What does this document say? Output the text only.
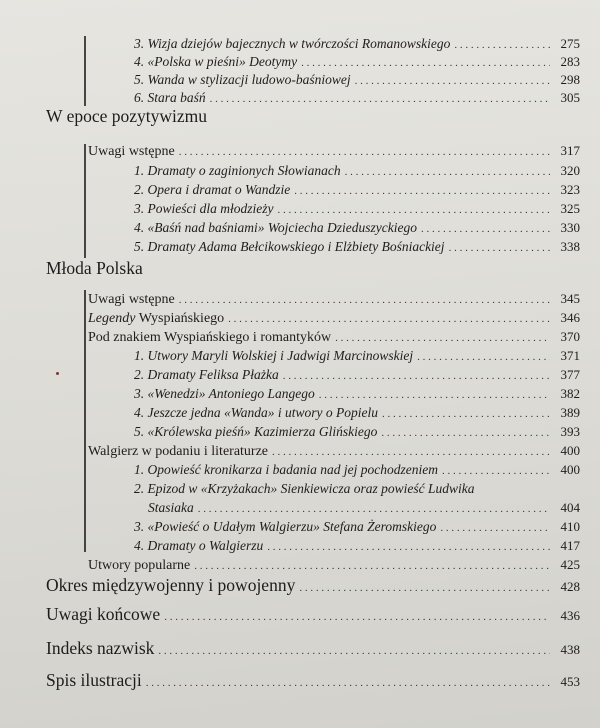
3. Wizja dziejów bajecznych w twórczości Romanowskiego . . .	275
4. «Polska w pieśni» Deotymy . . .	283
5. Wanda w stylizacji ludowo-baśniowej . . .	298
6. Stara baśń . . .	305
W epoce pozytywizmu
Uwagi wstępne . . .	317
1. Dramaty o zaginionych Słowianach . . .	320
2. Opera i dramat o Wandzie . . .	323
3. Powieści dla młodzieży . . .	325
4. «Baśń nad baśniami» Wojciecha Dzieduszyckiego . . .	330
5. Dramaty Adama Bełcikowskiego i Elżbiety Bośniackiej . . .	338
Młoda Polska
Uwagi wstępne . . .	345
Legendy Wyspiańskiego . . .	346
Pod znakiem Wyspiańskiego i romantyków . . .	370
1. Utwory Maryli Wolskiej i Jadwigi Marcinowskiej . . .	371
2. Dramaty Feliksa Płażka . . .	377
3. «Wenedzi» Antoniego Langego . . .	382
4. Jeszcze jedna «Wanda» i utwory o Popielu . . .	389
5. «Królewska pieśń» Kazimierza Glińskiego . . .	393
Walgierz w podaniu i literaturze . . .	400
1. Opowieść kronikarza i badania nad jej pochodzeniem . . .	400
2. Epizod w «Krzyżakach» Sienkiewicza oraz powieść Ludwika
Stasiaka . . .	404
3. «Powieść o Udałym Walgierzu» Stefana Żeromskiego . . .	410
4. Dramaty o Walgierzu . . .	417
Utwory popularne . . .	425
Okres międzywojenny i powojenny . . .	428
Uwagi końcowe . . .	436
Indeks nazwisk . . .	438
Spis ilustracji . . .	453
